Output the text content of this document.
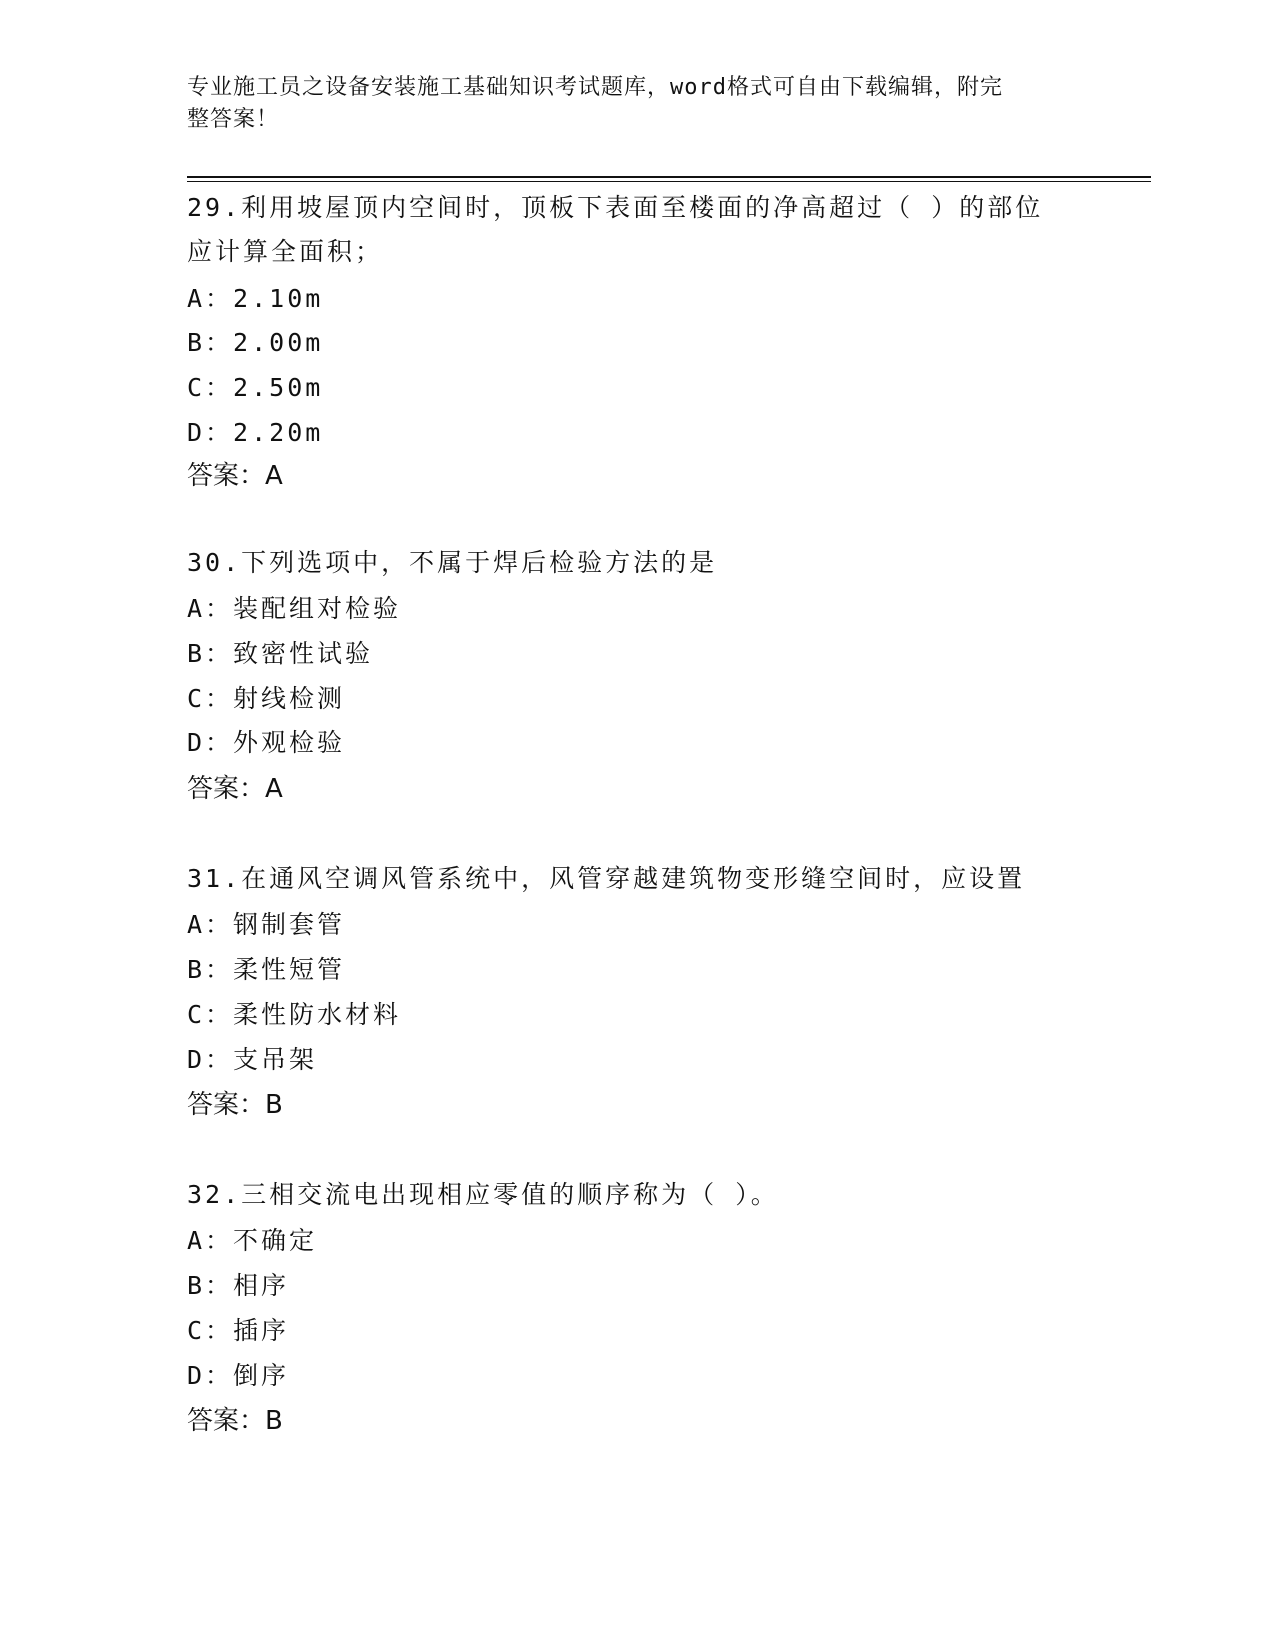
专业施工员之设备安装施工基础知识考试题库，word格式可自由下载编辑，附完
整答案！
29.利用坡屋顶内空间时，顶板下表面至楼面的净高超过（ ）的部位
应计算全面积；
A：2.10m
B：2.00m
C：2.50m
D：2.20m
答案：A
30.下列选项中，不属于焊后检验方法的是
A：装配组对检验
B：致密性试验
C：射线检测
D：外观检验
答案：A
31.在通风空调风管系统中，风管穿越建筑物变形缝空间时，应设置
A：钢制套管
B：柔性短管
C：柔性防水材料
D：支吊架
答案：B
32.三相交流电出现相应零值的顺序称为（ ）。
A：不确定
B：相序
C：插序
D：倒序
答案：B
